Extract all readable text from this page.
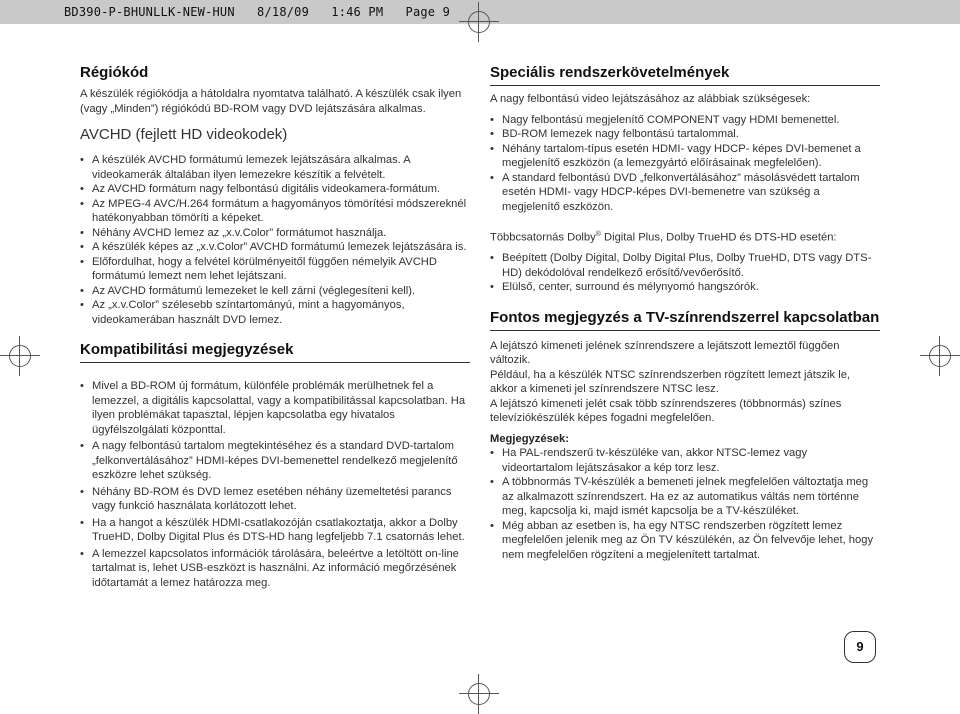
BD390-P-BHUNLLK-NEW-HUN   8/18/09   1:46 PM   Page 9
Régiókód

A készülék régiókódja a hátoldalra nyomtatva található. A készülék csak ilyen (vagy „Minden”) régiókódú BD-ROM vagy DVD lejátszására alkalmas.

AVCHD (fejlett HD videokodek)
• A készülék AVCHD formátumú lemezek lejátszására alkalmas. A videokamerák általában ilyen lemezekre készítik a felvételt.
• Az AVCHD formátum nagy felbontású digitális videokamera-formátum.
• Az MPEG-4 AVC/H.264 formátum a hagyományos tömörítési módszereknél hatékonyabban tömöríti a képeket.
• Néhány AVCHD lemez az „x.v.Color” formátumot használja.
• A készülék képes az „x.v.Color” AVCHD formátumú lemezek lejátszására is.
• Előfordulhat, hogy a felvétel körülményeitől függően némelyik AVCHD formátumú lemezt nem lehet lejátszani.
• Az AVCHD formátumú lemezeket le kell zárni (véglegesíteni kell).
• Az „x.v.Color” szélesebb színtartományú, mint a hagyományos, videokamerában használt DVD lemez.
Kompatibilitási megjegyzések
• Mivel a BD-ROM új formátum, különféle problémák merülhetnek fel a lemezzel, a digitális kapcsolattal, vagy a kompatibilitással kapcsolatban. Ha ilyen problémákat tapasztal, lépjen kapcsolatba egy hivatalos ügyfélszolgálati központtal.
• A nagy felbontású tartalom megtekintéséhez és a standard DVD-tartalom „felkonvertálásához” HDMI-képes DVI-bemenettel rendelkező megjelenítő eszközre lehet szükség.
• Néhány BD-ROM és DVD lemez esetében néhány üzemeltetési parancs vagy funkció használata korlátozott lehet.
• Ha a hangot a készülék HDMI-csatlakozóján csatlakoztatja, akkor a Dolby TrueHD, Dolby Digital Plus és DTS-HD hang legfeljebb 7.1 csatornás lehet.
• A lemezzel kapcsolatos információk tárolására, beleértve a letöltött on-line tartalmat is, lehet USB-eszközt is használni. Az információ megőrzésének időtartamát a lemez határozza meg.
Speciális rendszerkövetelmények

A nagy felbontású video lejátszásához az alábbiak szükségesek:

• Nagy felbontású megjelenítő COMPONENT vagy HDMI bemenettel.
• BD-ROM lemezek nagy felbontású tartalommal.
• Néhány tartalom-típus esetén HDMI- vagy HDCP- képes DVI-bemenet a megjelenítő eszközön (a lemezgyártó előírásainak megfelelően).
• A standard felbontású DVD „felkonvertálásához” másolásvédett tartalom esetén HDMI- vagy HDCP-képes DVI-bemenetre van szükség a megjelenítő eszközön.

Többcsatornás Dolby® Digital Plus, Dolby TrueHD és DTS-HD esetén:

• Beépített (Dolby Digital, Dolby Digital Plus, Dolby TrueHD, DTS vagy DTS-HD) dekódolóval rendelkező erősítő/vevőerősítő.
• Elülső, center, surround és mélynyomó hangszórók.
Fontos megjegyzés a TV-színrendszerrel kapcsolatban

A lejátszó kimeneti jelének színrendszere a lejátszott lemeztől függően változik.

Például, ha a készülék NTSC színrendszerben rögzített lemezt játszik le, akkor a kimeneti jel színrendszere NTSC lesz.

A lejátszó kimeneti jelét csak több színrendszeres (többnormás) színes televíziókészülék képes fogadni megfelelően.

Megjegyzések:

• Ha PAL-rendszerű tv-készüléke van, akkor NTSC-lemez vagy videortartalom lejátszásakor a kép torz lesz.
• A többnormás TV-készülék a bemeneti jelnek megfelelően változtatja meg az alkalmazott színrendszert. Ha ez az automatikus váltás nem történne meg, kapcsolja ki, majd ismét kapcsolja be a TV-készüléket.
• Még abban az esetben is, ha egy NTSC rendszerben rögzített lemez megfelelően jelenik meg az Ön TV készülékén, az Ön felvevője lehet, hogy nem megfelelően rögzíteni a megjelenített tartalmat.
9
